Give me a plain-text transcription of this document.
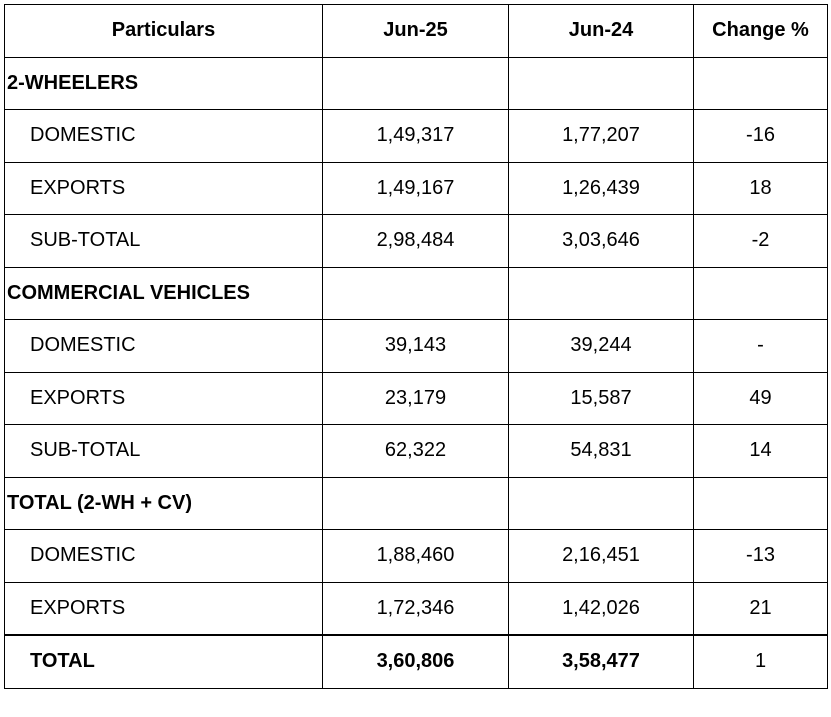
Particulars	Jun-25	Jun-24	Change %
2-WHEELERS			
DOMESTIC	1,49,317	1,77,207	-16
EXPORTS	1,49,167	1,26,439	18
SUB-TOTAL	2,98,484	3,03,646	-2
COMMERCIAL VEHICLES			
DOMESTIC	39,143	39,244	-
EXPORTS	23,179	15,587	49
SUB-TOTAL	62,322	54,831	14
TOTAL (2-WH + CV)			
DOMESTIC	1,88,460	2,16,451	-13
EXPORTS	1,72,346	1,42,026	21
TOTAL	3,60,806	3,58,477	1
